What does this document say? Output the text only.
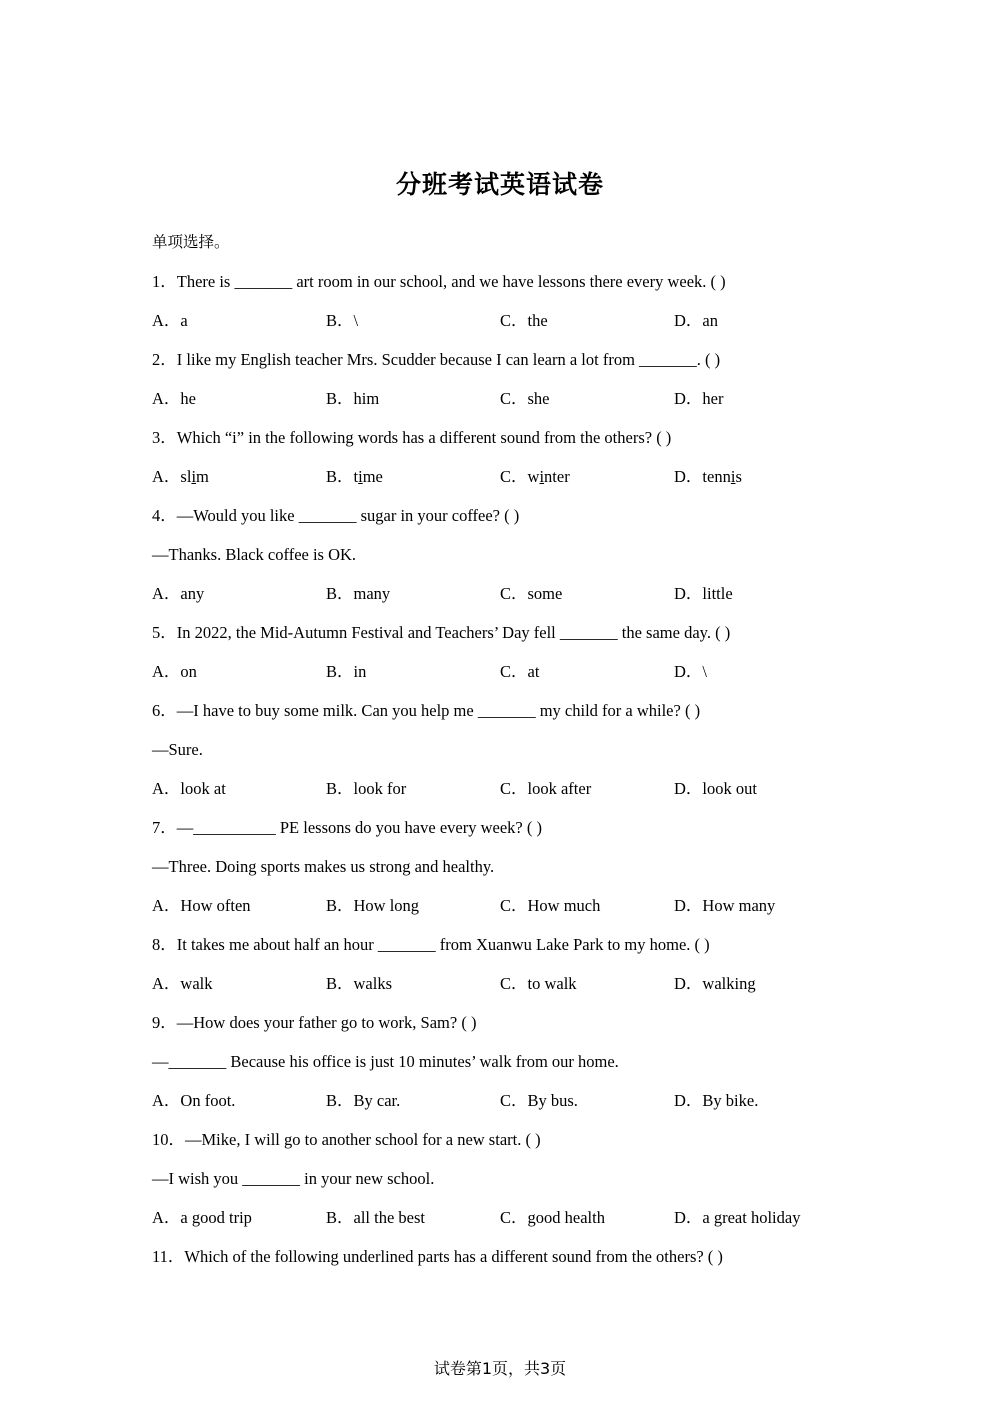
分班考试英语试卷
单项选择。
1．There is _______ art room in our school, and we have lessons there every week. ( )
A．a	B．\	C．the	D．an
2．I like my English teacher Mrs. Scudder because I can learn a lot from _______. ( )
A．he	B．him	C．she	D．her
3．Which “i” in the following words has a different sound from the others? ( )
A．slim	B．time	C．winter	D．tennis
4．—Would you like _______ sugar in your coffee? ( )
—Thanks. Black coffee is OK.
A．any	B．many	C．some	D．little
5．In 2022, the Mid-Autumn Festival and Teachers’ Day fell _______ the same day. ( )
A．on	B．in	C．at	D．\
6．—I have to buy some milk. Can you help me _______ my child for a while? ( )
—Sure.
A．look at	B．look for	C．look after	D．look out
7．—__________ PE lessons do you have every week? ( )
—Three. Doing sports makes us strong and healthy.
A．How often	B．How long	C．How much	D．How many
8．It takes me about half an hour _______ from Xuanwu Lake Park to my home. ( )
A．walk	B．walks	C．to walk	D．walking
9．—How does your father go to work, Sam? ( )
—_______ Because his office is just 10 minutes’ walk from our home.
A．On foot.	B．By car.	C．By bus.	D．By bike.
10．—Mike, I will go to another school for a new start. ( )
—I wish you _______ in your new school.
A．a good trip	B．all the best	C．good health	D．a great holiday
11．Which of the following underlined parts has a different sound from the others? ( )
试卷第1页，共3页
